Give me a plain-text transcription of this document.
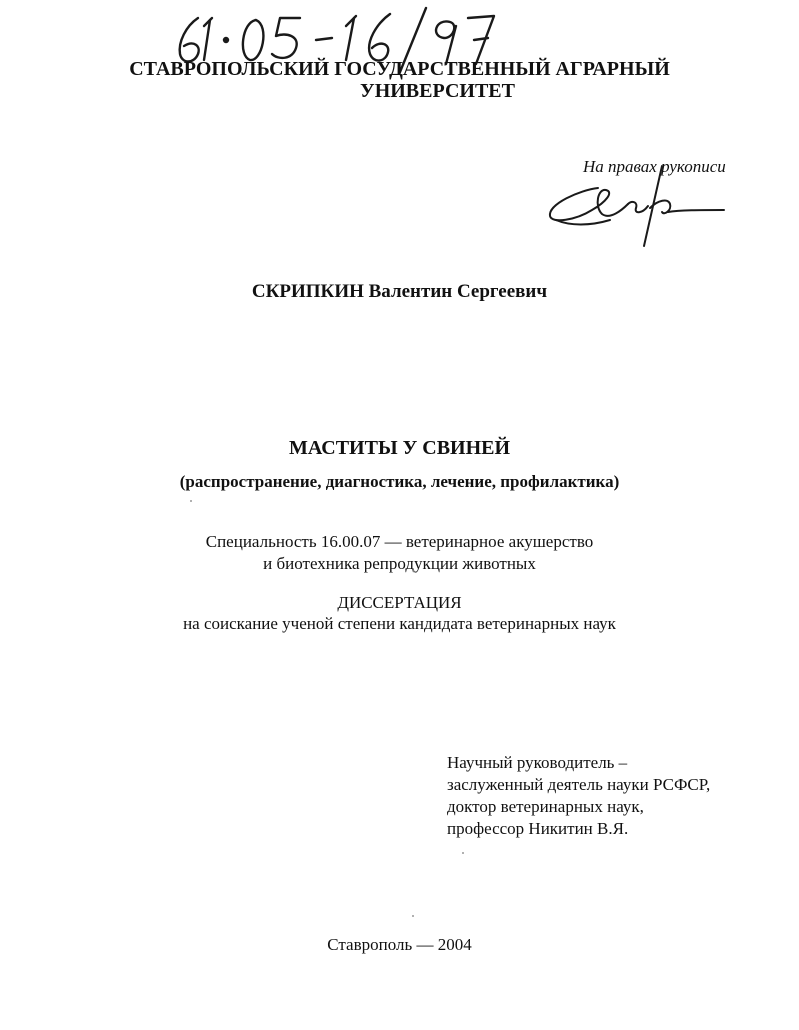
СТАВРОПОЛЬСКИЙ ГОСУДАРСТВЕННЫЙ АГРАРНЫЙ
УНИВЕРСИТЕТ
На правах рукописи
СКРИПКИН Валентин Сергеевич
МАСТИТЫ У СВИНЕЙ
(распространение, диагностика, лечение, профилактика)
Специальность 16.00.07 — ветеринарное акушерство
и биотехника репродукции животных
ДИССЕРТАЦИЯ
на соискание ученой степени кандидата ветеринарных наук
Научный руководитель –
заслуженный деятель науки РСФСР,
доктор ветеринарных наук,
профессор Никитин В.Я.
Ставрополь — 2004
